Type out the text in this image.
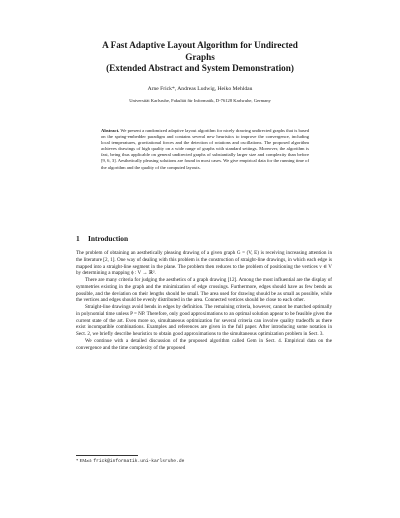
A Fast Adaptive Layout Algorithm for Undirected
Graphs
(Extended Abstract and System Demonstration)
Arne Frick*, Andreas Ludwig, Heiko Mehldau
Universität Karlsruhe, Fakultät für Informatik, D-76128 Karlsruhe, Germany

Abstract. We present a randomized adaptive layout algorithm for nicely drawing undirected graphs that is based on the spring-embedder paradigm and contains several new heuristics to improve the convergence, including local temperatures, gravitational forces and the detection of rotations and oscillations. The proposed algorithm achieves drawings of high quality on a wide range of graphs with standard settings. Moreover, the algorithm is fast, being thus applicable on general undirected graphs of substantially larger size and complexity than before [9, 6, 3]. Aesthetically pleasing solutions are found in most cases. We give empirical data for the running time of the algorithm and the quality of the computed layouts.

1 Introduction

The problem of obtaining an aesthetically pleasing drawing of a given graph G = (V, E) is receiving increasing attention in the literature [2, 1]. One way of dealing with this problem is the construction of straight-line drawings, in which each edge is mapped into a straight-line segment in the plane. The problem then reduces to the problem of positioning the vertices v ∈ V by determining a mapping ϕ : V → ℝ².

There are many criteria for judging the aesthetics of a graph drawing [12]. Among the most influential are the display of symmetries existing in the graph and the minimization of edge crossings. Furthermore, edges should have as few bends as possible, and the deviation on their lengths should be small. The area used for drawing should be as small as possible, while the vertices and edges should be evenly distributed in the area. Connected vertices should be close to each other.

Straight-line drawings avoid bends in edges by definition. The remaining criteria, however, cannot be matched optimally in polynomial time unless P = NP. Therefore, only good approximations to an optimal solution appear to be feasible given the current state of the art. Even more so, simultaneous optimization for several criteria can involve quality tradeoffs as there exist incompatible combinations. Examples and references are given in the full paper. After introducing some notation in Sect. 2, we briefly describe heuristics to obtain good approximations to the simultaneous optimization problem in Sect. 3.

We continue with a detailed discussion of the proposed algorithm called Gem in Sect. 4. Empirical data on the convergence and the time complexity of the proposed

* EMail: frick@informatik.uni-karlsruhe.de
